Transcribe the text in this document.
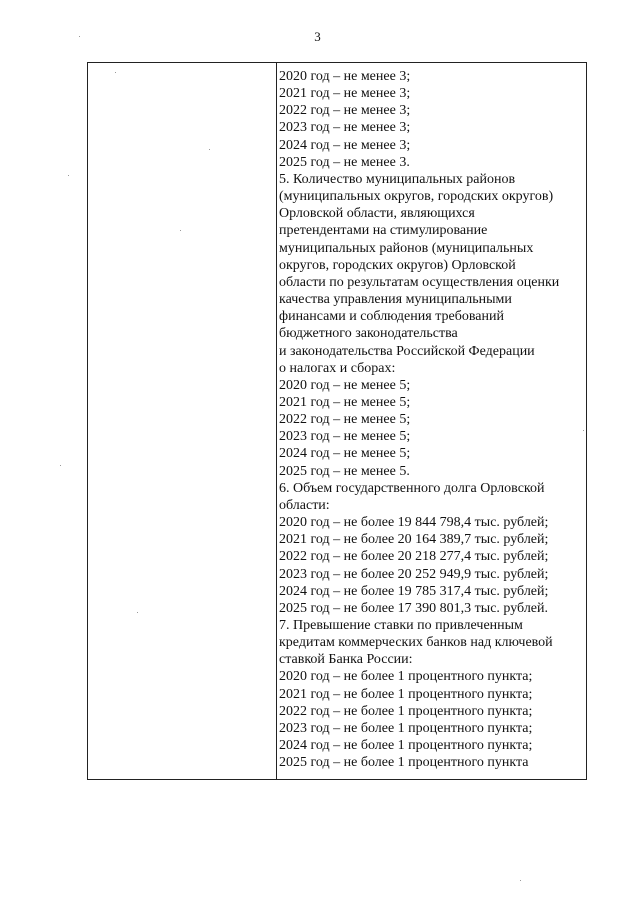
3
2020 год – не менее 3;
2021 год – не менее 3;
2022 год – не менее 3;
2023 год – не менее 3;
2024 год – не менее 3;
2025 год – не менее 3.
5. Количество муниципальных районов
(муниципальных округов, городских округов)
Орловской области, являющихся
претендентами на стимулирование
муниципальных районов (муниципальных
округов, городских округов) Орловской
области по результатам осуществления оценки
качества управления муниципальными
финансами и соблюдения требований
бюджетного законодательства
и законодательства Российской Федерации
о налогах и сборах:
2020 год – не менее 5;
2021 год – не менее 5;
2022 год – не менее 5;
2023 год – не менее 5;
2024 год – не менее 5;
2025 год – не менее 5.
6. Объем государственного долга Орловской
области:
2020 год – не более 19 844 798,4 тыс. рублей;
2021 год – не более 20 164 389,7 тыс. рублей;
2022 год – не более 20 218 277,4 тыс. рублей;
2023 год – не более 20 252 949,9 тыс. рублей;
2024 год – не более 19 785 317,4 тыс. рублей;
2025 год – не более 17 390 801,3 тыс. рублей.
7. Превышение ставки по привлеченным
кредитам коммерческих банков над ключевой
ставкой Банка России:
2020 год – не более 1 процентного пункта;
2021 год – не более 1 процентного пункта;
2022 год – не более 1 процентного пункта;
2023 год – не более 1 процентного пункта;
2024 год – не более 1 процентного пункта;
2025 год – не более 1 процентного пункта
